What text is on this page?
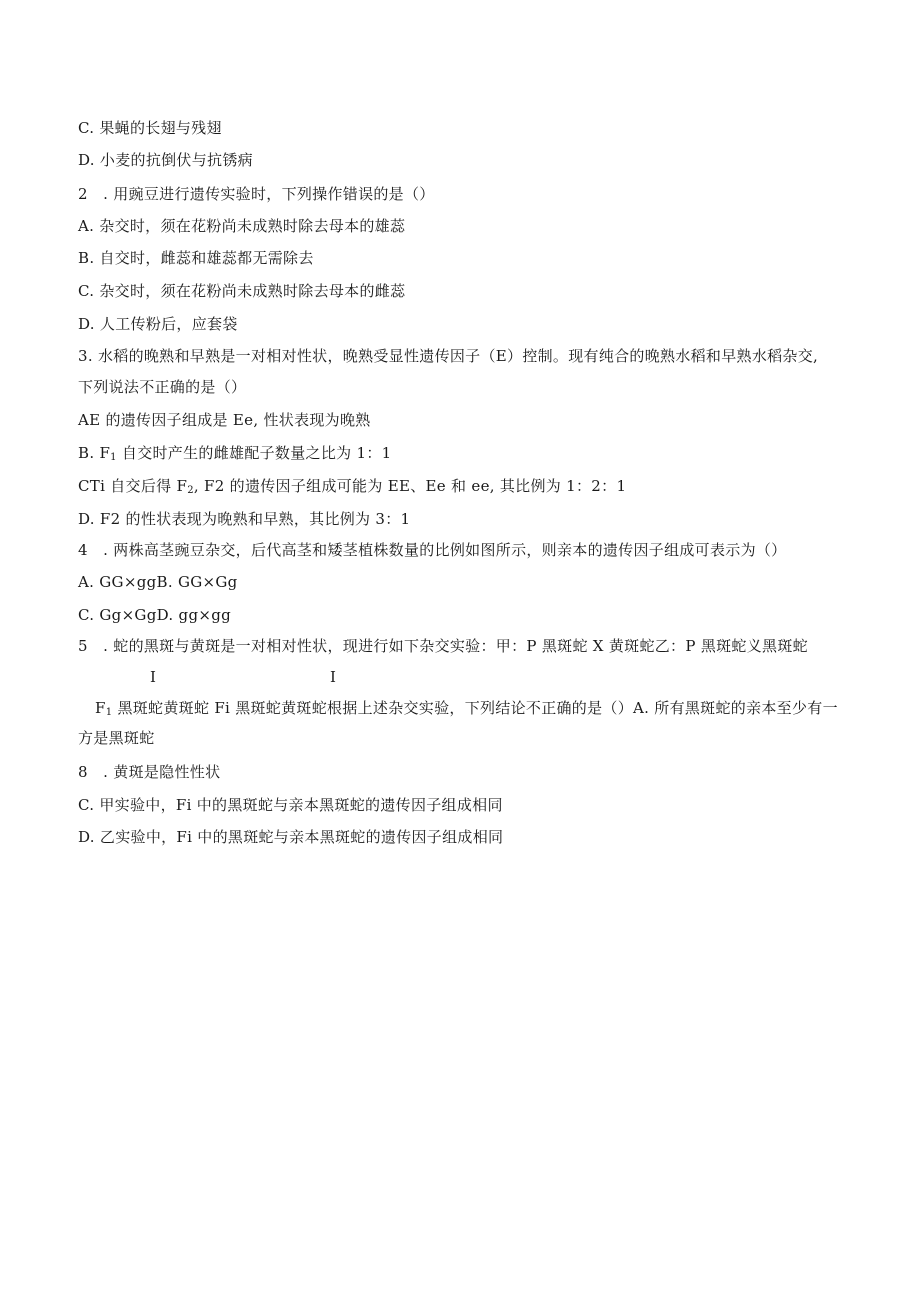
C. 果蝇的长翅与残翅
D. 小麦的抗倒伏与抗锈病
2　. 用豌豆进行遗传实验时，下列操作错误的是（）
A. 杂交时，须在花粉尚未成熟时除去母本的雄蕊
B. 自交时，雌蕊和雄蕊都无需除去
C. 杂交时，须在花粉尚未成熟时除去母本的雌蕊
D. 人工传粉后，应套袋
3. 水稻的晚熟和早熟是一对相对性状，晚熟受显性遗传因子（E）控制。现有纯合的晚熟水稻和早熟水稻杂交,
下列说法不正确的是（）
AE 的遗传因子组成是 Ee, 性状表现为晚熟
B. $F_1$ 自交时产生的雌雄配子数量之比为 1：1
CTi 自交后得 $F_2$, F2 的遗传因子组成可能为 EE、Ee 和 ee, 其比例为 1：2：1
D. F2 的性状表现为晚熟和早熟，其比例为 3：1
4　. 两株高茎豌豆杂交，后代高茎和矮茎植株数量的比例如图所示，则亲本的遗传因子组成可表示为（）
A. GG×ggB. GG×Gg
C. Gg×GgD. gg×gg
5　. 蛇的黑斑与黄斑是一对相对性状，现进行如下杂交实验：甲：P 黑斑蛇 X 黄斑蛇乙：P 黑斑蛇义黑斑蛇
I	I
$F_1$ 黑斑蛇黄斑蛇 Fi 黑斑蛇黄斑蛇根据上述杂交实验，下列结论不正确的是（）A. 所有黑斑蛇的亲本至少有一
方是黑斑蛇
8　. 黄斑是隐性性状
C. 甲实验中，Fi 中的黑斑蛇与亲本黑斑蛇的遗传因子组成相同
D. 乙实验中，Fi 中的黑斑蛇与亲本黑斑蛇的遗传因子组成相同
